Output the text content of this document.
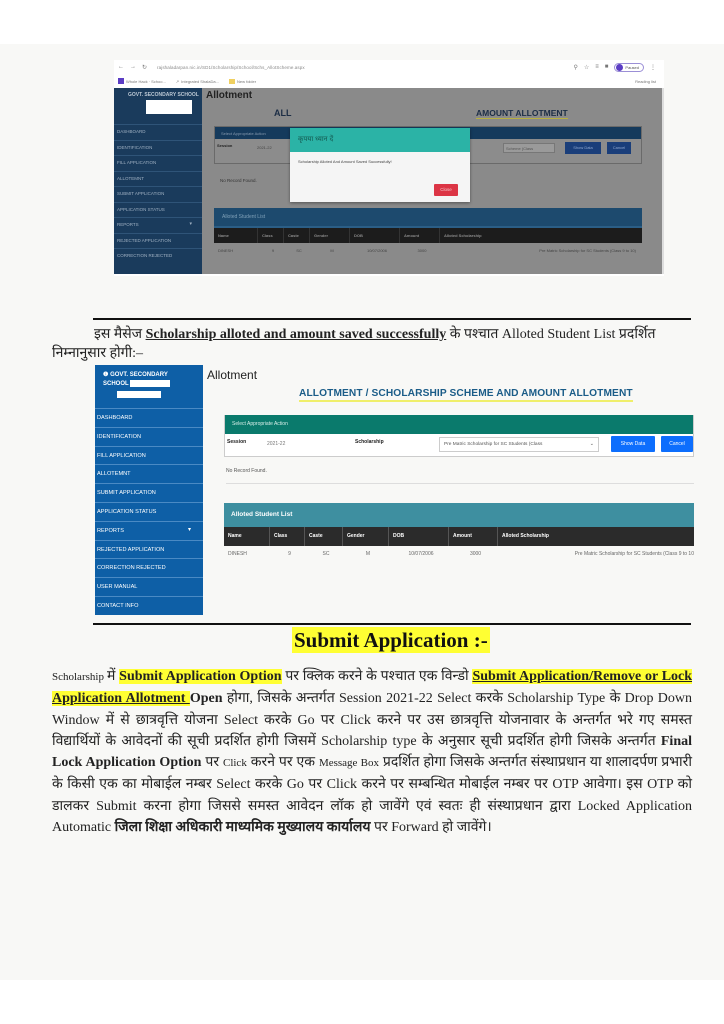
← → ↻ rajshaladarpan.nic.in/SD1/Scholarship/School/Schs_AllotScheme.aspx	⚲ ☆ ≡ ■	Paused ⋮
Whole Hack · Schoo...	↗ Integrated ShalaDa...	New folder	Reading list
GOVT. SECONDARY SCHOOL
DASHBOARD
IDENTIFICATION
FILL APPLICATION
ALLOTEMNT
SUBMIT APPLICATION
APPLICATION STATUS
REPORTS	▾
REJECTED APPLICATION
CORRECTION REJECTED
Allotment
ALL	AMOUNT ALLOTMENT
Select Appropriate Action
Session	2021-22	Scheme (Class	Show Data	Cancel
No Record Found.
Alloted Student List
Name	Class	Caste	Gender	DOB	Amount	Alloted Scholarship
DINESH	9	SC	M	10/07/2006	3000	Pre Matric Scholarship for SC Students (Class 9 to 10)
कृपया ध्यान दें
Scholarship Alloted And Amount Saved Successfully!
Close

इस मैसेज Scholarship alloted and amount saved successfully के पश्चात Alloted Student List प्रदर्शित निम्नानुसार होगी:–

❶ GOVT. SECONDARY
SCHOOL
DASHBOARD
IDENTIFICATION
FILL APPLICATION
ALLOTEMNT
SUBMIT APPLICATION
APPLICATION STATUS
REPORTS	▾
REJECTED APPLICATION
CORRECTION REJECTED
USER MANUAL
CONTACT INFO
Allotment
ALLOTMENT / SCHOLARSHIP SCHEME AND AMOUNT ALLOTMENT
Select Appropriate Action
Session	2021-22	Scholarship	Pre Matric Scholarship for SC Students (Class	⌄	Show Data	Cancel
No Record Found.
Alloted Student List
Name	Class	Caste	Gender	DOB	Amount	Alloted Scholarship
DINESH	9	SC	M	10/07/2006	3000	Pre Matric Scholarship for SC Students (Class 9 to 10
Submit Application :-

Scholarship में Submit Application Option पर क्लिक करने के पश्चात एक विन्डो Submit Application/Remove or Lock Application Allotment Open होगा, जिसके अन्तर्गत Session 2021-22 Select करके Scholarship Type के Drop Down Window में से छात्रवृत्ति योजना Select करके Go पर Click करने पर उस छात्रवृत्ति योजनावार के अन्तर्गत भरे गए समस्त विद्यार्थियों के आवेदनों की सूची प्रदर्शित होगी जिसमें Scholarship type के अनुसार सूची प्रदर्शित होगी जिसके अन्तर्गत Final Lock Application Option पर Click करने पर एक Message Box प्रदर्शित होगा जिसके अन्तर्गत संस्थाप्रधान या शालादर्पण प्रभारी के किसी एक का मोबाईल नम्बर Select करके Go पर Click करने पर सम्बन्धित मोबाईल नम्बर पर OTP आवेगा। इस OTP को डालकर Submit करना होगा जिससे समस्त आवेदन लॉक हो जावेंगे एवं स्वतः ही संस्थाप्रधान द्वारा Locked Application Automatic जिला शिक्षा अधिकारी माध्यमिक मुख्यालय कार्यालय पर Forward हो जावेंगे।
